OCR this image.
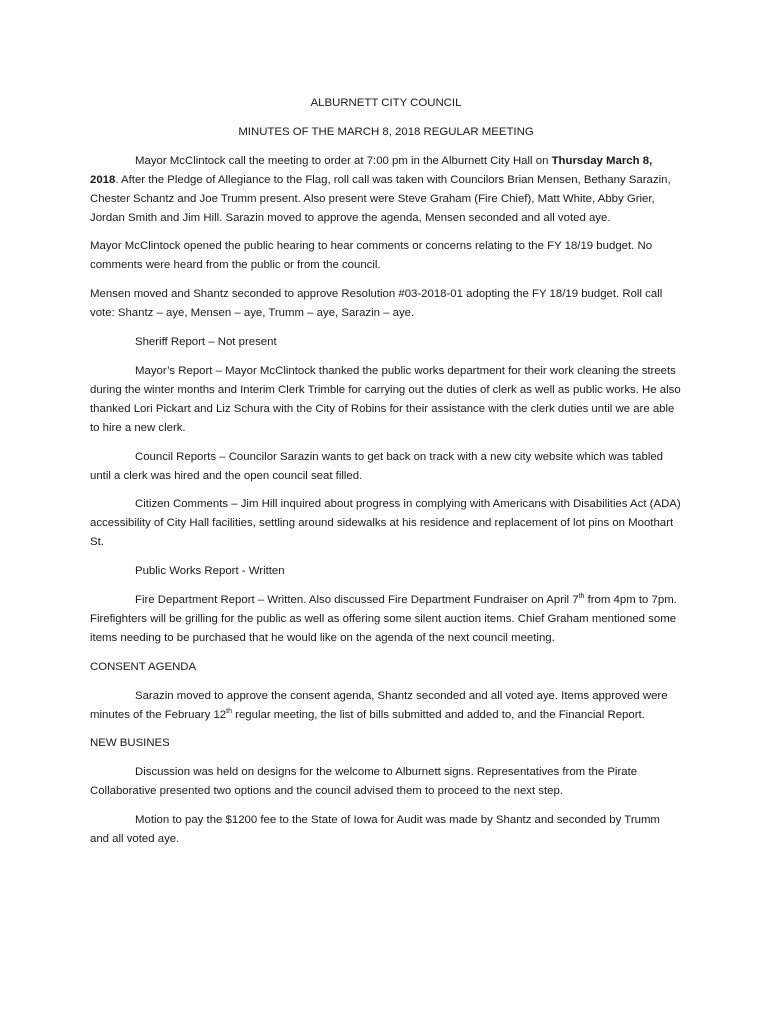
ALBURNETT CITY COUNCIL

MINUTES OF THE MARCH 8, 2018 REGULAR MEETING

Mayor McClintock call the meeting to order at 7:00 pm in the Alburnett City Hall on Thursday March 8, 2018. After the Pledge of Allegiance to the Flag, roll call was taken with Councilors Brian Mensen, Bethany Sarazin, Chester Schantz and Joe Trumm present. Also present were Steve Graham (Fire Chief), Matt White, Abby Grier, Jordan Smith and Jim Hill. Sarazin moved to approve the agenda, Mensen seconded and all voted aye.

Mayor McClintock opened the public hearing to hear comments or concerns relating to the FY 18/19 budget. No comments were heard from the public or from the council.

Mensen moved and Shantz seconded to approve Resolution #03-2018-01 adopting the FY 18/19 budget. Roll call vote: Shantz – aye, Mensen – aye, Trumm – aye, Sarazin – aye.

Sheriff Report – Not present

Mayor’s Report – Mayor McClintock thanked the public works department for their work cleaning the streets during the winter months and Interim Clerk Trimble for carrying out the duties of clerk as well as public works. He also thanked Lori Pickart and Liz Schura with the City of Robins for their assistance with the clerk duties until we are able to hire a new clerk.

Council Reports – Councilor Sarazin wants to get back on track with a new city website which was tabled until a clerk was hired and the open council seat filled.

Citizen Comments – Jim Hill inquired about progress in complying with Americans with Disabilities Act (ADA) accessibility of City Hall facilities, settling around sidewalks at his residence and replacement of lot pins on Moothart St.

Public Works Report - Written

Fire Department Report – Written. Also discussed Fire Department Fundraiser on April 7th from 4pm to 7pm. Firefighters will be grilling for the public as well as offering some silent auction items. Chief Graham mentioned some items needing to be purchased that he would like on the agenda of the next council meeting.

CONSENT AGENDA

Sarazin moved to approve the consent agenda, Shantz seconded and all voted aye. Items approved were minutes of the February 12th regular meeting, the list of bills submitted and added to, and the Financial Report.

NEW BUSINES

Discussion was held on designs for the welcome to Alburnett signs. Representatives from the Pirate Collaborative presented two options and the council advised them to proceed to the next step.

Motion to pay the $1200 fee to the State of Iowa for Audit was made by Shantz and seconded by Trumm and all voted aye.
